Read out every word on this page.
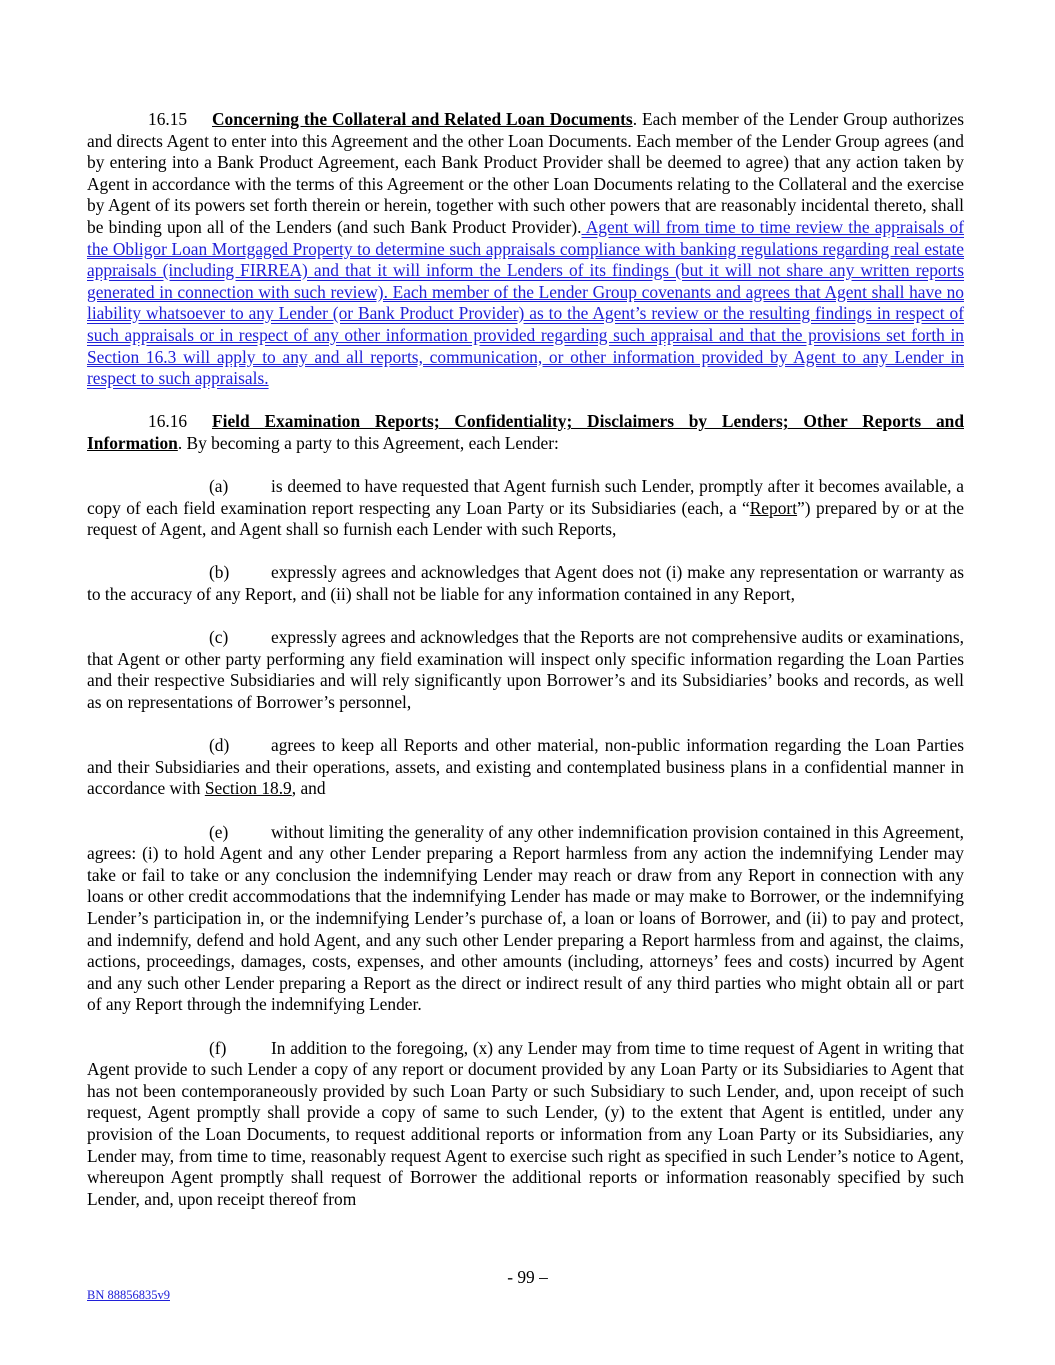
16.15 Concerning the Collateral and Related Loan Documents. Each member of the Lender Group authorizes and directs Agent to enter into this Agreement and the other Loan Documents. Each member of the Lender Group agrees (and by entering into a Bank Product Agreement, each Bank Product Provider shall be deemed to agree) that any action taken by Agent in accordance with the terms of this Agreement or the other Loan Documents relating to the Collateral and the exercise by Agent of its powers set forth therein or herein, together with such other powers that are reasonably incidental thereto, shall be binding upon all of the Lenders (and such Bank Product Provider). Agent will from time to time review the appraisals of the Obligor Loan Mortgaged Property to determine such appraisals compliance with banking regulations regarding real estate appraisals (including FIRREA) and that it will inform the Lenders of its findings (but it will not share any written reports generated in connection with such review). Each member of the Lender Group covenants and agrees that Agent shall have no liability whatsoever to any Lender (or Bank Product Provider) as to the Agent’s review or the resulting findings in respect of such appraisals or in respect of any other information provided regarding such appraisal and that the provisions set forth in Section 16.3 will apply to any and all reports, communication, or other information provided by Agent to any Lender in respect to such appraisals.

16.16 Field Examination Reports; Confidentiality; Disclaimers by Lenders; Other Reports and Information. By becoming a party to this Agreement, each Lender:

(a) is deemed to have requested that Agent furnish such Lender, promptly after it becomes available, a copy of each field examination report respecting any Loan Party or its Subsidiaries (each, a “Report”) prepared by or at the request of Agent, and Agent shall so furnish each Lender with such Reports,

(b) expressly agrees and acknowledges that Agent does not (i) make any representation or warranty as to the accuracy of any Report, and (ii) shall not be liable for any information contained in any Report,

(c) expressly agrees and acknowledges that the Reports are not comprehensive audits or examinations, that Agent or other party performing any field examination will inspect only specific information regarding the Loan Parties and their respective Subsidiaries and will rely significantly upon Borrower’s and its Subsidiaries’ books and records, as well as on representations of Borrower’s personnel,

(d) agrees to keep all Reports and other material, non-public information regarding the Loan Parties and their Subsidiaries and their operations, assets, and existing and contemplated business plans in a confidential manner in accordance with Section 18.9, and

(e) without limiting the generality of any other indemnification provision contained in this Agreement, agrees: (i) to hold Agent and any other Lender preparing a Report harmless from any action the indemnifying Lender may take or fail to take or any conclusion the indemnifying Lender may reach or draw from any Report in connection with any loans or other credit accommodations that the indemnifying Lender has made or may make to Borrower, or the indemnifying Lender’s participation in, or the indemnifying Lender’s purchase of, a loan or loans of Borrower, and (ii) to pay and protect, and indemnify, defend and hold Agent, and any such other Lender preparing a Report harmless from and against, the claims, actions, proceedings, damages, costs, expenses, and other amounts (including, attorneys’ fees and costs) incurred by Agent and any such other Lender preparing a Report as the direct or indirect result of any third parties who might obtain all or part of any Report through the indemnifying Lender.

(f)	In addition to the foregoing, (x) any Lender may from time to time request of Agent in writing that Agent provide to such Lender a copy of any report or document provided by any Loan Party or its Subsidiaries to Agent that has not been contemporaneously provided by such Loan Party or such Subsidiary to such Lender, and, upon receipt of such request, Agent promptly shall provide a copy of same to such Lender, (y) to the extent that Agent is entitled, under any provision of the Loan Documents, to request additional reports or information from any Loan Party or its Subsidiaries, any Lender may, from time to time, reasonably request Agent to exercise such right as specified in such Lender’s notice to Agent, whereupon Agent promptly shall request of Borrower the additional reports or information reasonably specified by such Lender, and, upon receipt thereof from

- 99 –
BN 88856835v9
